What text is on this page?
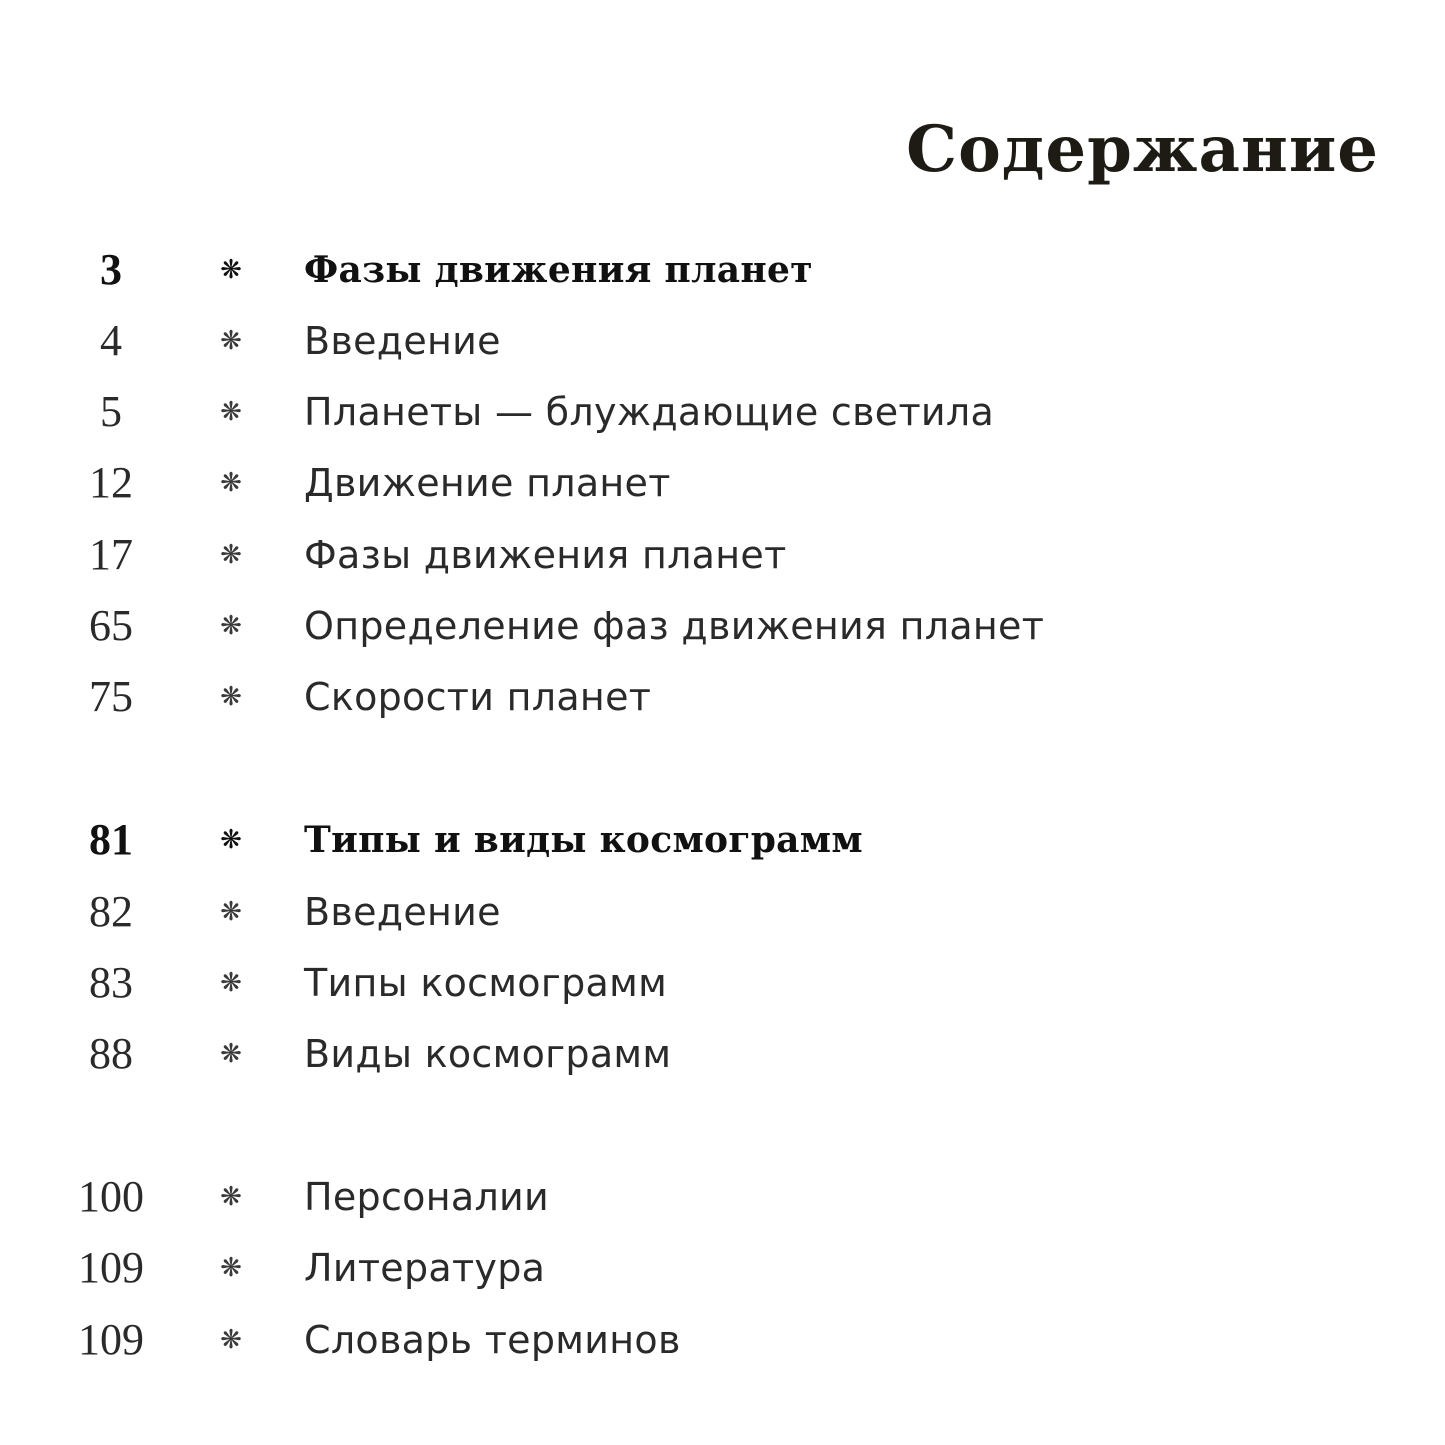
Содержание
3	❋ Фазы движения планет
4	❋ Введение
5	❋ Планеты — блуждающие светила
12	❋ Движение планет
17	❋ Фазы движения планет
65	❋ Определение фаз движения планет
75	❋ Скорости планет
81	❋ Типы и виды космограмм
82	❋ Введение
83	❋ Типы космограмм
88	❋ Виды космограмм
100	❋ Персоналии
109	❋ Литература
109	❋ Словарь терминов
